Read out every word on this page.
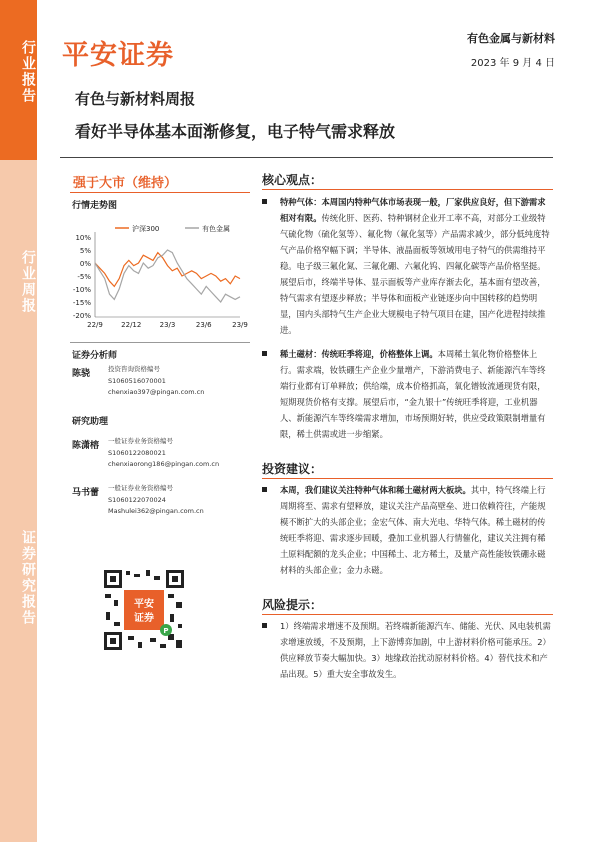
行业报告
行业周报
证券研究报告
平安证券
有色金属与新材料
2023 年 9 月 4 日
有色与新材料周报
看好半导体基本面渐修复，电子特气需求释放
强于大市（维持）
行情走势图
10%
5%
0%
-5%
-10%
-15%
-20%
22/9	22/12	23/3	23/6	23/9
沪深300	有色金属
证券分析师
陈骁	投资咨询资格编号
S1060516070001
chenxiao397@pingan.com.cn
研究助理
陈潇榕 一般证券业务资格编号
S1060122080021
chenxiaorong186@pingan.com.cn
马书蕾 一般证券业务资格编号
S1060122070024
Mashulei362@pingan.com.cn
平安
证券
P
核心观点：
特种气体：本周国内特种气体市场表现一般，厂家供应良好，但下游需求相对有限。传统化肝、医药、特种钢材企业开工率不高，对部分工业级特气硫化物（硫化氢等）、氟化物（氟化氢等）产品需求减少，部分低纯度特气产品价格窄幅下调；半导体、液晶面板等领域用电子特气的供需维持平稳。电子级三氟化氮、三氟化硼、六氟化钨、四氟化碳等产品价格坚挺。展望后市，终端半导体、显示面板等产业库存渐去化，基本面有望改善，特气需求有望逐步释放；半导体和面板产业链逐步向中国转移的趋势明显，国内头部特气生产企业大规模电子特气项目在建，国产化进程持续推进。
稀土磁材：传统旺季将迎，价格整体上调。本周稀土氧化物价格整体上行。需求端，钕铁硼生产企业少量增产，下游消费电子、新能源汽车等终端行业都有订单释放；供给端，成本价格抓高，氧化镨钕流通现货有限，短期现货价格有支撑。展望后市，“金九银十”传统旺季将迎，工业机器人、新能源汽车等终端需求增加，市场预期好转，供应受政策限制增量有限，稀土供需或进一步缩紧。
投资建议：
本周，我们建议关注特种气体和稀土磁材两大板块。其中，特气终端上行周期将至、需求有望释放，建议关注产品高壁垒、进口依赖符往，产能规模不断扩大的头部企业；金宏气体、南大光电、华特气体。稀土磁材的传统旺季将迎、需求逐步回暖，叠加工业机器人行情催化，建议关注拥有稀土原料配额的龙头企业；中国稀土、北方稀土，及量产高性能钕铁硼永磁材料的头部企业；金力永磁。
风险提示：
1）终端需求增速不及预期。若终端新能源汽车、储能、光伏、风电装机需求增速放缓，不及预期，上下游博弈加剧，中上游材料价格可能承压。2）供应释放节奏大幅加快。3）地缘政治扰动原材料价格。4）替代技术和产品出现。5）重大安全事故发生。
